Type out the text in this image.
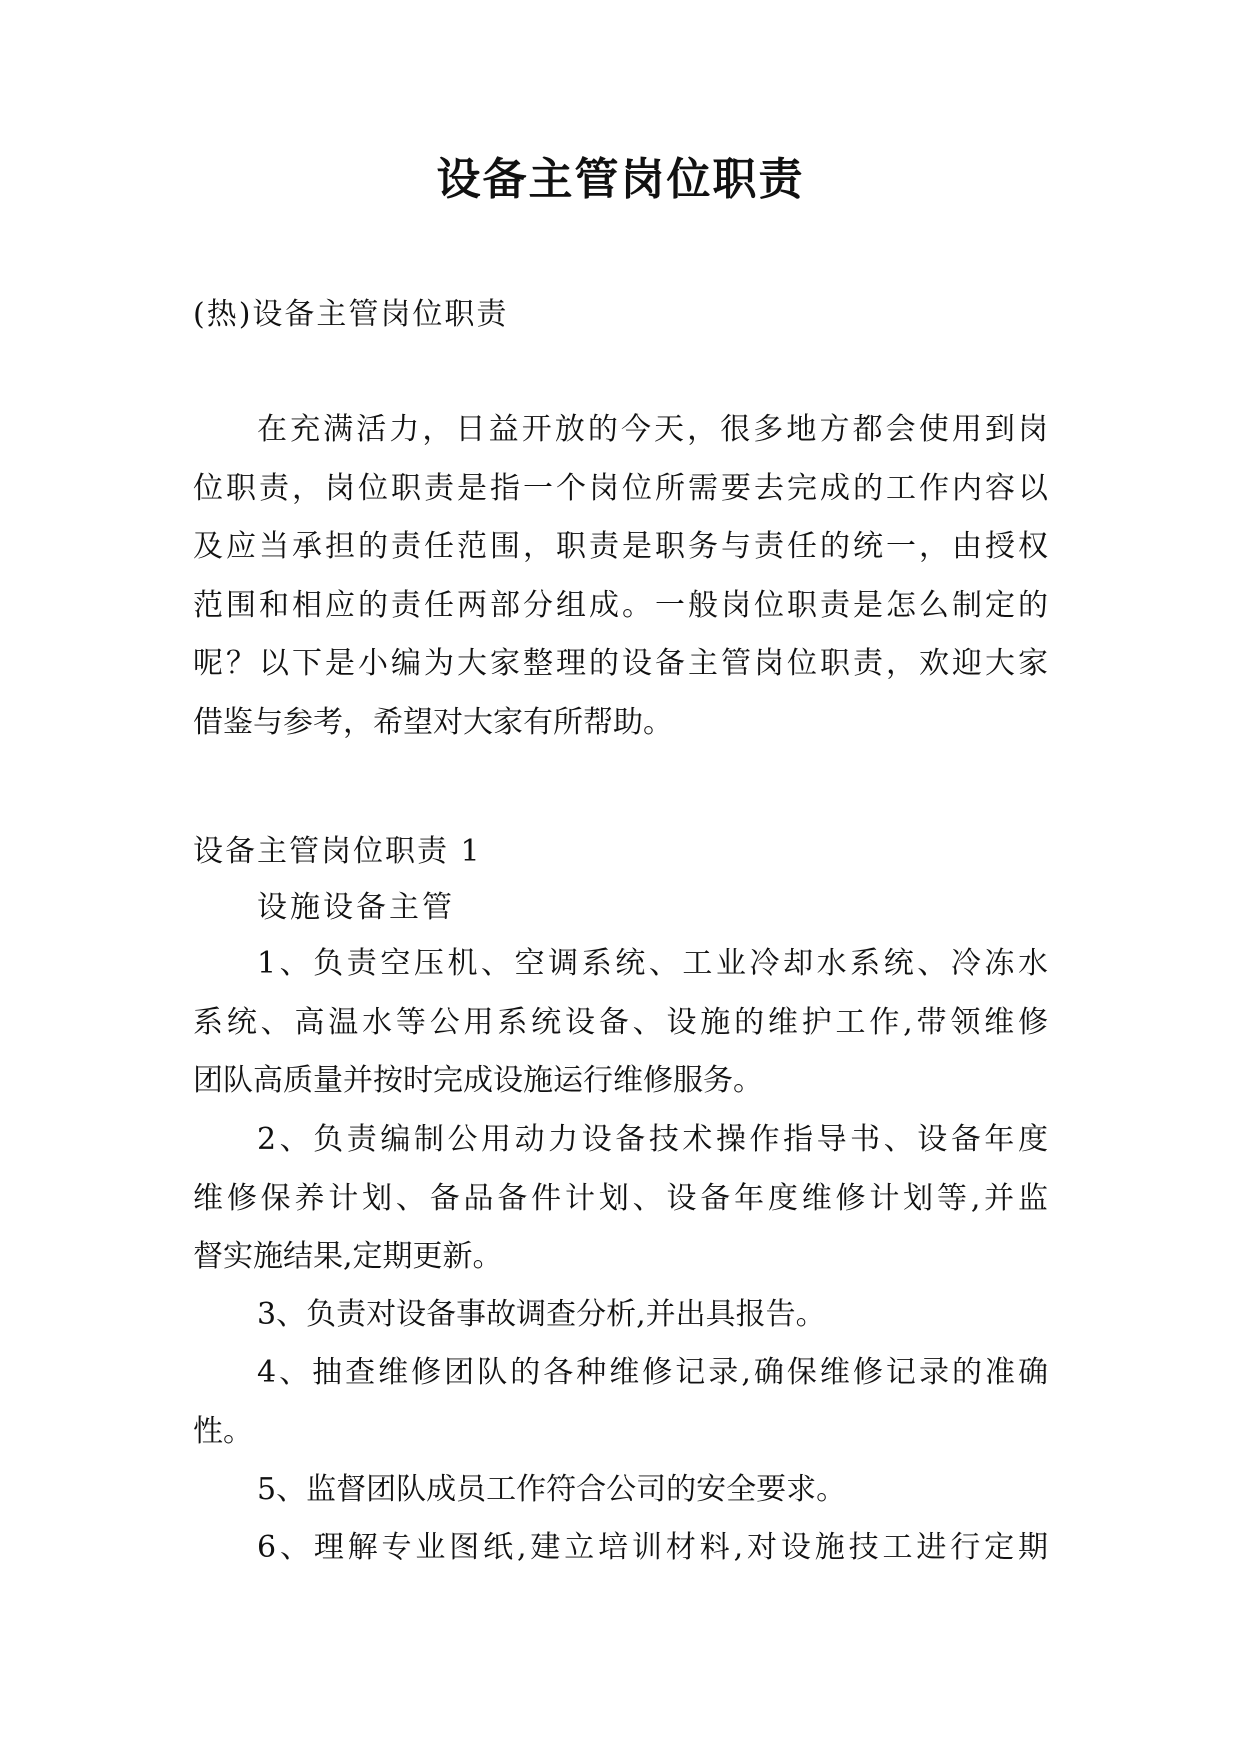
设备主管岗位职责
(热)设备主管岗位职责
在充满活力，日益开放的今天，很多地方都会使用到岗
位职责，岗位职责是指一个岗位所需要去完成的工作内容以
及应当承担的责任范围，职责是职务与责任的统一，由授权
范围和相应的责任两部分组成。一般岗位职责是怎么制定的
呢？以下是小编为大家整理的设备主管岗位职责，欢迎大家
借鉴与参考，希望对大家有所帮助。
设备主管岗位职责 1
设施设备主管
1、负责空压机、空调系统、工业冷却水系统、冷冻水
系统、高温水等公用系统设备、设施的维护工作,带领维修
团队高质量并按时完成设施运行维修服务。
2、负责编制公用动力设备技术操作指导书、设备年度
维修保养计划、备品备件计划、设备年度维修计划等,并监
督实施结果,定期更新。
3、负责对设备事故调查分析,并出具报告。
4、抽查维修团队的各种维修记录,确保维修记录的准确
性。
5、监督团队成员工作符合公司的安全要求。
6、理解专业图纸,建立培训材料,对设施技工进行定期
